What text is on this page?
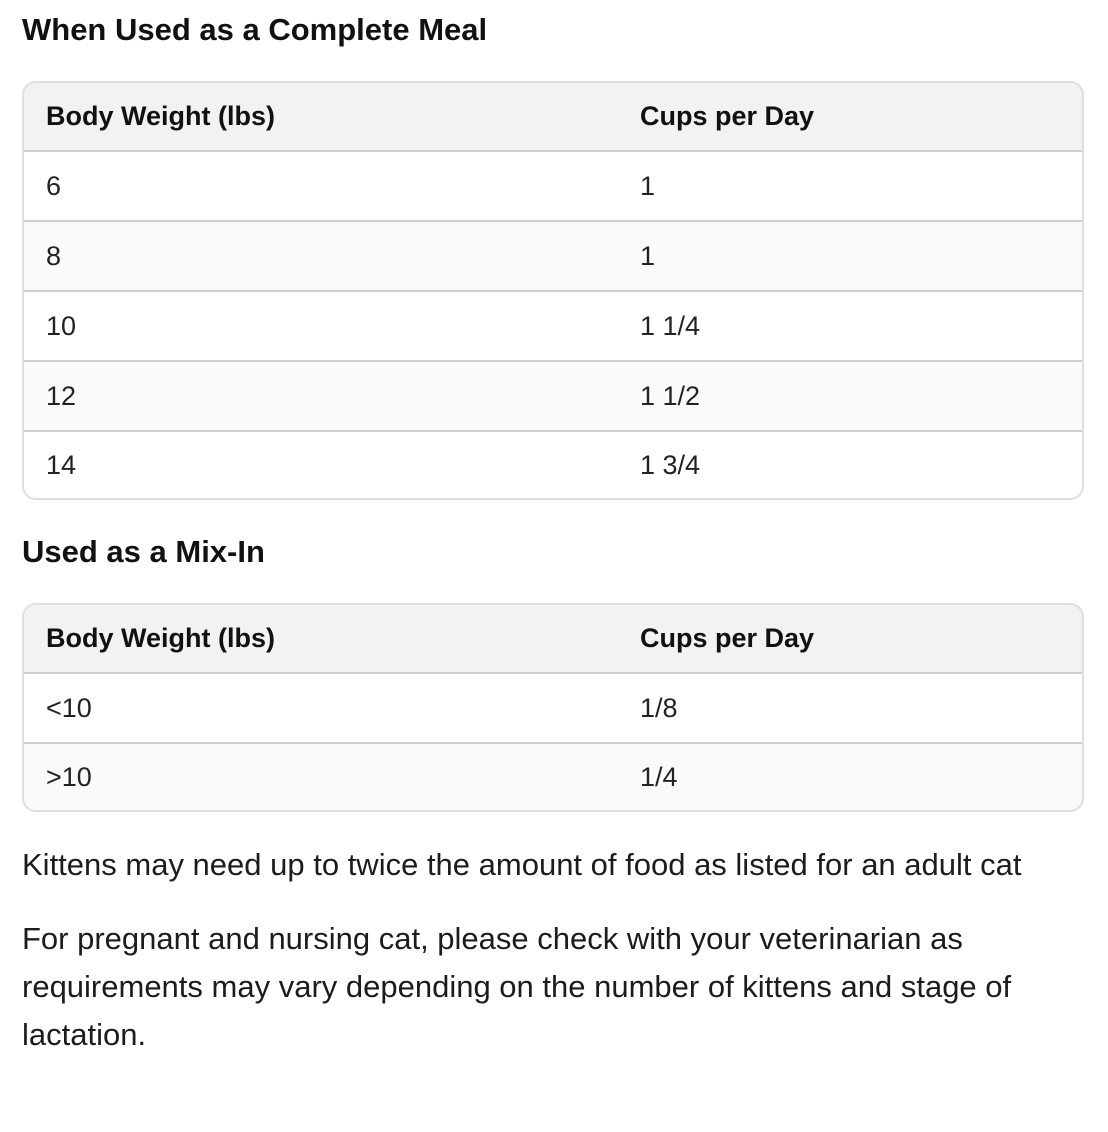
When Used as a Complete Meal
Body Weight (lbs)	Cups per Day
6	1
8	1
10	1 1/4
12	1 1/2
14	1 3/4
Used as a Mix-In
Body Weight (lbs)	Cups per Day
<10	1/8
>10	1/4

Kittens may need up to twice the amount of food as listed for an adult cat

For pregnant and nursing cat, please check with your veterinarian as requirements may vary depending on the number of kittens and stage of lactation.
